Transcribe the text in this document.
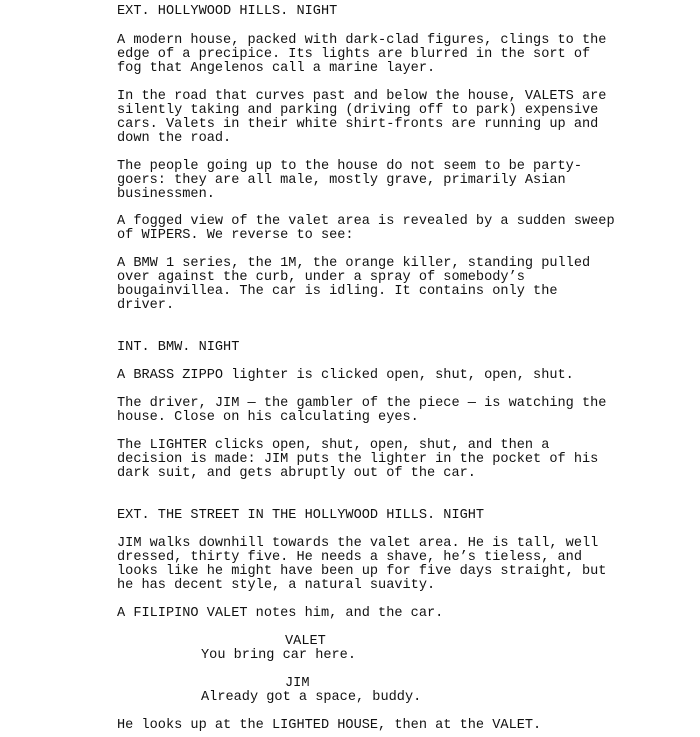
EXT. HOLLYWOOD HILLS. NIGHT

A modern house, packed with dark-clad figures, clings to the
edge of a precipice. Its lights are blurred in the sort of
fog that Angelenos call a marine layer.

In the road that curves past and below the house, VALETS are
silently taking and parking (driving off to park) expensive
cars. Valets in their white shirt-fronts are running up and
down the road.

The people going up to the house do not seem to be party-
goers: they are all male, mostly grave, primarily Asian
businessmen.

A fogged view of the valet area is revealed by a sudden sweep
of WIPERS. We reverse to see:

A BMW 1 series, the 1M, the orange killer, standing pulled
over against the curb, under a spray of somebody’s
bougainvillea. The car is idling. It contains only the
driver.

INT. BMW. NIGHT

A BRASS ZIPPO lighter is clicked open, shut, open, shut.

The driver, JIM — the gambler of the piece — is watching the
house. Close on his calculating eyes.

The LIGHTER clicks open, shut, open, shut, and then a
decision is made: JIM puts the lighter in the pocket of his
dark suit, and gets abruptly out of the car.

EXT. THE STREET IN THE HOLLYWOOD HILLS. NIGHT

JIM walks downhill towards the valet area. He is tall, well
dressed, thirty five. He needs a shave, he’s tieless, and
looks like he might have been up for five days straight, but
he has decent style, a natural suavity.

A FILIPINO VALET notes him, and the car.

VALET

You bring car here.

JIM

Already got a space, buddy.

He looks up at the LIGHTED HOUSE, then at the VALET.
